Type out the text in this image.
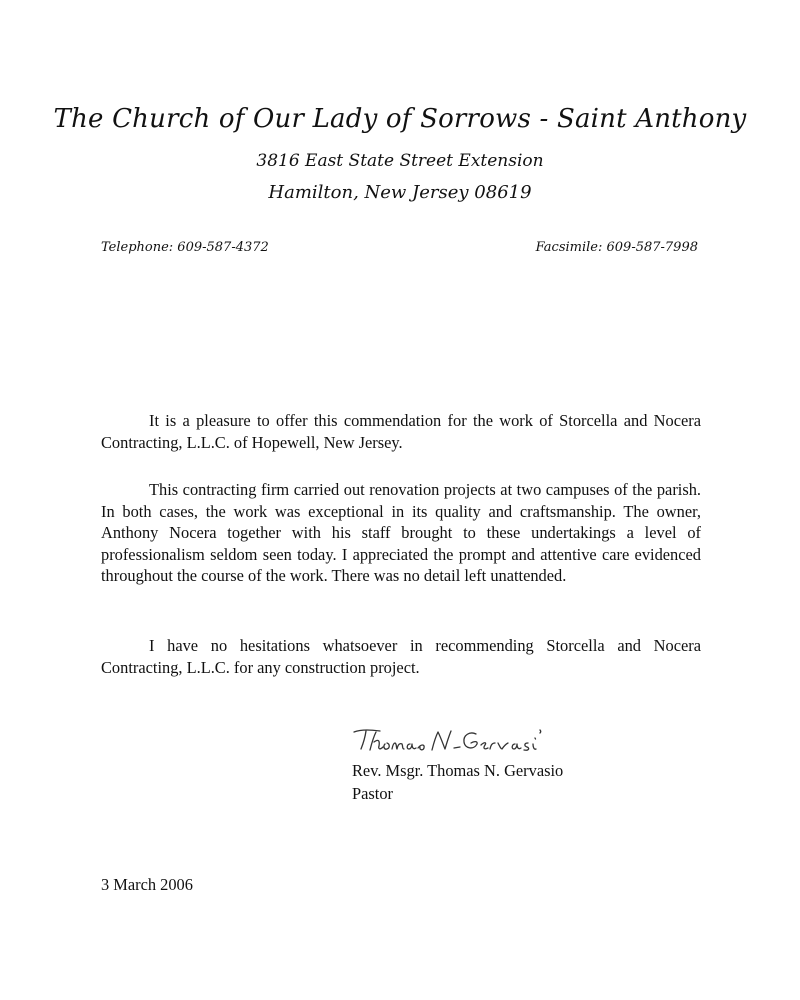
The Church of Our Lady of Sorrows - Saint Anthony
3816 East State Street Extension
Hamilton, New Jersey 08619
Telephone: 609-587-4372	Facsimile: 609-587-7998

It is a pleasure to offer this commendation for the work of Storcella and Nocera Contracting, L.L.C. of Hopewell, New Jersey.

This contracting firm carried out renovation projects at two campuses of the parish. In both cases, the work was exceptional in its quality and craftsmanship. The owner, Anthony Nocera together with his staff brought to these undertakings a level of professionalism seldom seen today. I appreciated the prompt and attentive care evidenced throughout the course of the work. There was no detail left unattended.

I have no hesitations whatsoever in recommending Storcella and Nocera Contracting, L.L.C. for any construction project.

Rev. Msgr. Thomas N. Gervasio
Pastor
3 March 2006
